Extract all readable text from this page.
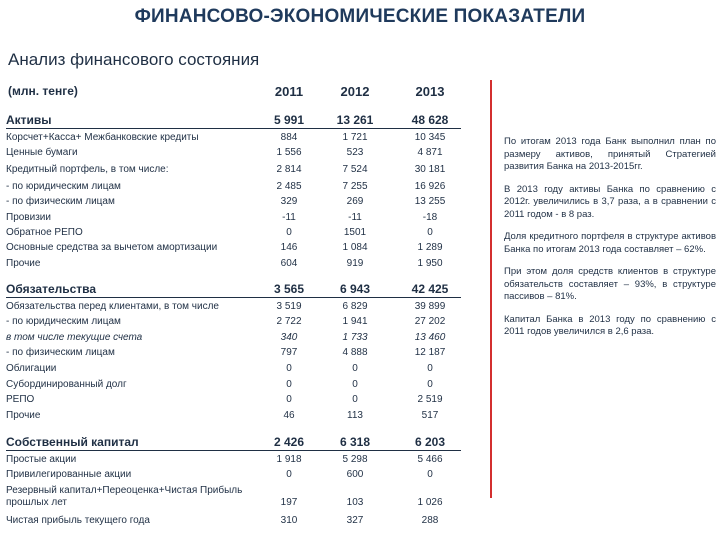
ФИНАНСОВО-ЭКОНОМИЧЕСКИЕ ПОКАЗАТЕЛИ
Анализ финансового состояния
(млн. тенге)	2011	2012	2013
Активы	5 991	13 261	48 628
Корсчет+Касса+ Межбанковские кредиты	884	1 721	10 345
Ценные бумаги	1 556	523	4 871
Кредитный портфель, в том числе:	2 814	7 524	30 181
- по юридическим лицам	2 485	7 255	16 926
- по физическим лицам	329	269	13 255
Провизии	-11	-11	-18
Обратное РЕПО	0	1501	0
Основные средства за вычетом амортизации	146	1 084	1 289
Прочие	604	919	1 950
Обязательства	3 565	6 943	42 425
Обязательства перед клиентами, в том числе	3 519	6 829	39 899
- по юридическим лицам	2 722	1 941	27 202
в том числе текущие счета	340	1 733	13 460
- по физическим лицам	797	4 888	12 187
Облигации	0	0	0
Субординированный долг	0	0	0
РЕПО	0	0	2 519
Прочие	46	113	517
Собственный капитал	2 426	6 318	6 203
Простые акции	1 918	5 298	5 466
Привилегированные акции	0	600	0
Резервный капитал+Переоценка+Чистая Прибыль
прошлых лет	197	103	1 026
Чистая прибыль текущего года	310	327	288

По итогам 2013 года Банк выполнил план по размеру активов, принятый Стратегией развития Банка на 2013-2015гг.

В 2013 году активы Банка по сравнению с 2012г. увеличились в 3,7 раза, а в сравнении с 2011 годом - в 8 раз.

Доля кредитного портфеля в структуре активов Банка по итогам 2013 года составляет – 62%.

При этом доля средств клиентов в структуре обязательств составляет – 93%, в структуре пассивов – 81%.

Капитал Банка в 2013 году по сравнению с 2011 годов увеличился в 2,6 раза.
